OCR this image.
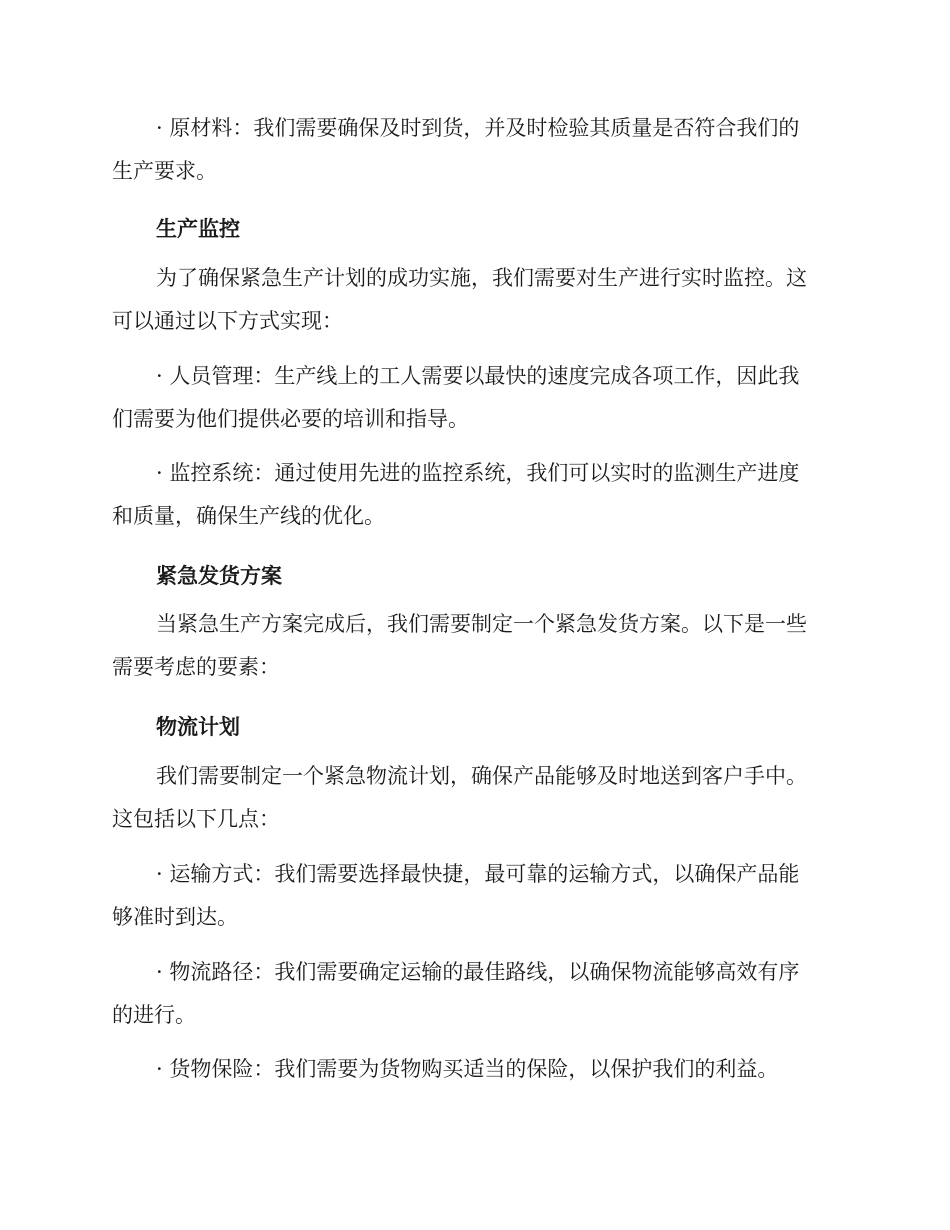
· 原材料：我们需要确保及时到货，并及时检验其质量是否符合我们的
生产要求。
生产监控
为了确保紧急生产计划的成功实施，我们需要对生产进行实时监控。这
可以通过以下方式实现：
· 人员管理：生产线上的工人需要以最快的速度完成各项工作，因此我
们需要为他们提供必要的培训和指导。
· 监控系统：通过使用先进的监控系统，我们可以实时的监测生产进度
和质量，确保生产线的优化。
紧急发货方案
当紧急生产方案完成后，我们需要制定一个紧急发货方案。以下是一些
需要考虑的要素：
物流计划
我们需要制定一个紧急物流计划，确保产品能够及时地送到客户手中。
这包括以下几点：
· 运输方式：我们需要选择最快捷，最可靠的运输方式，以确保产品能
够准时到达。
· 物流路径：我们需要确定运输的最佳路线，以确保物流能够高效有序
的进行。
· 货物保险：我们需要为货物购买适当的保险，以保护我们的利益。
